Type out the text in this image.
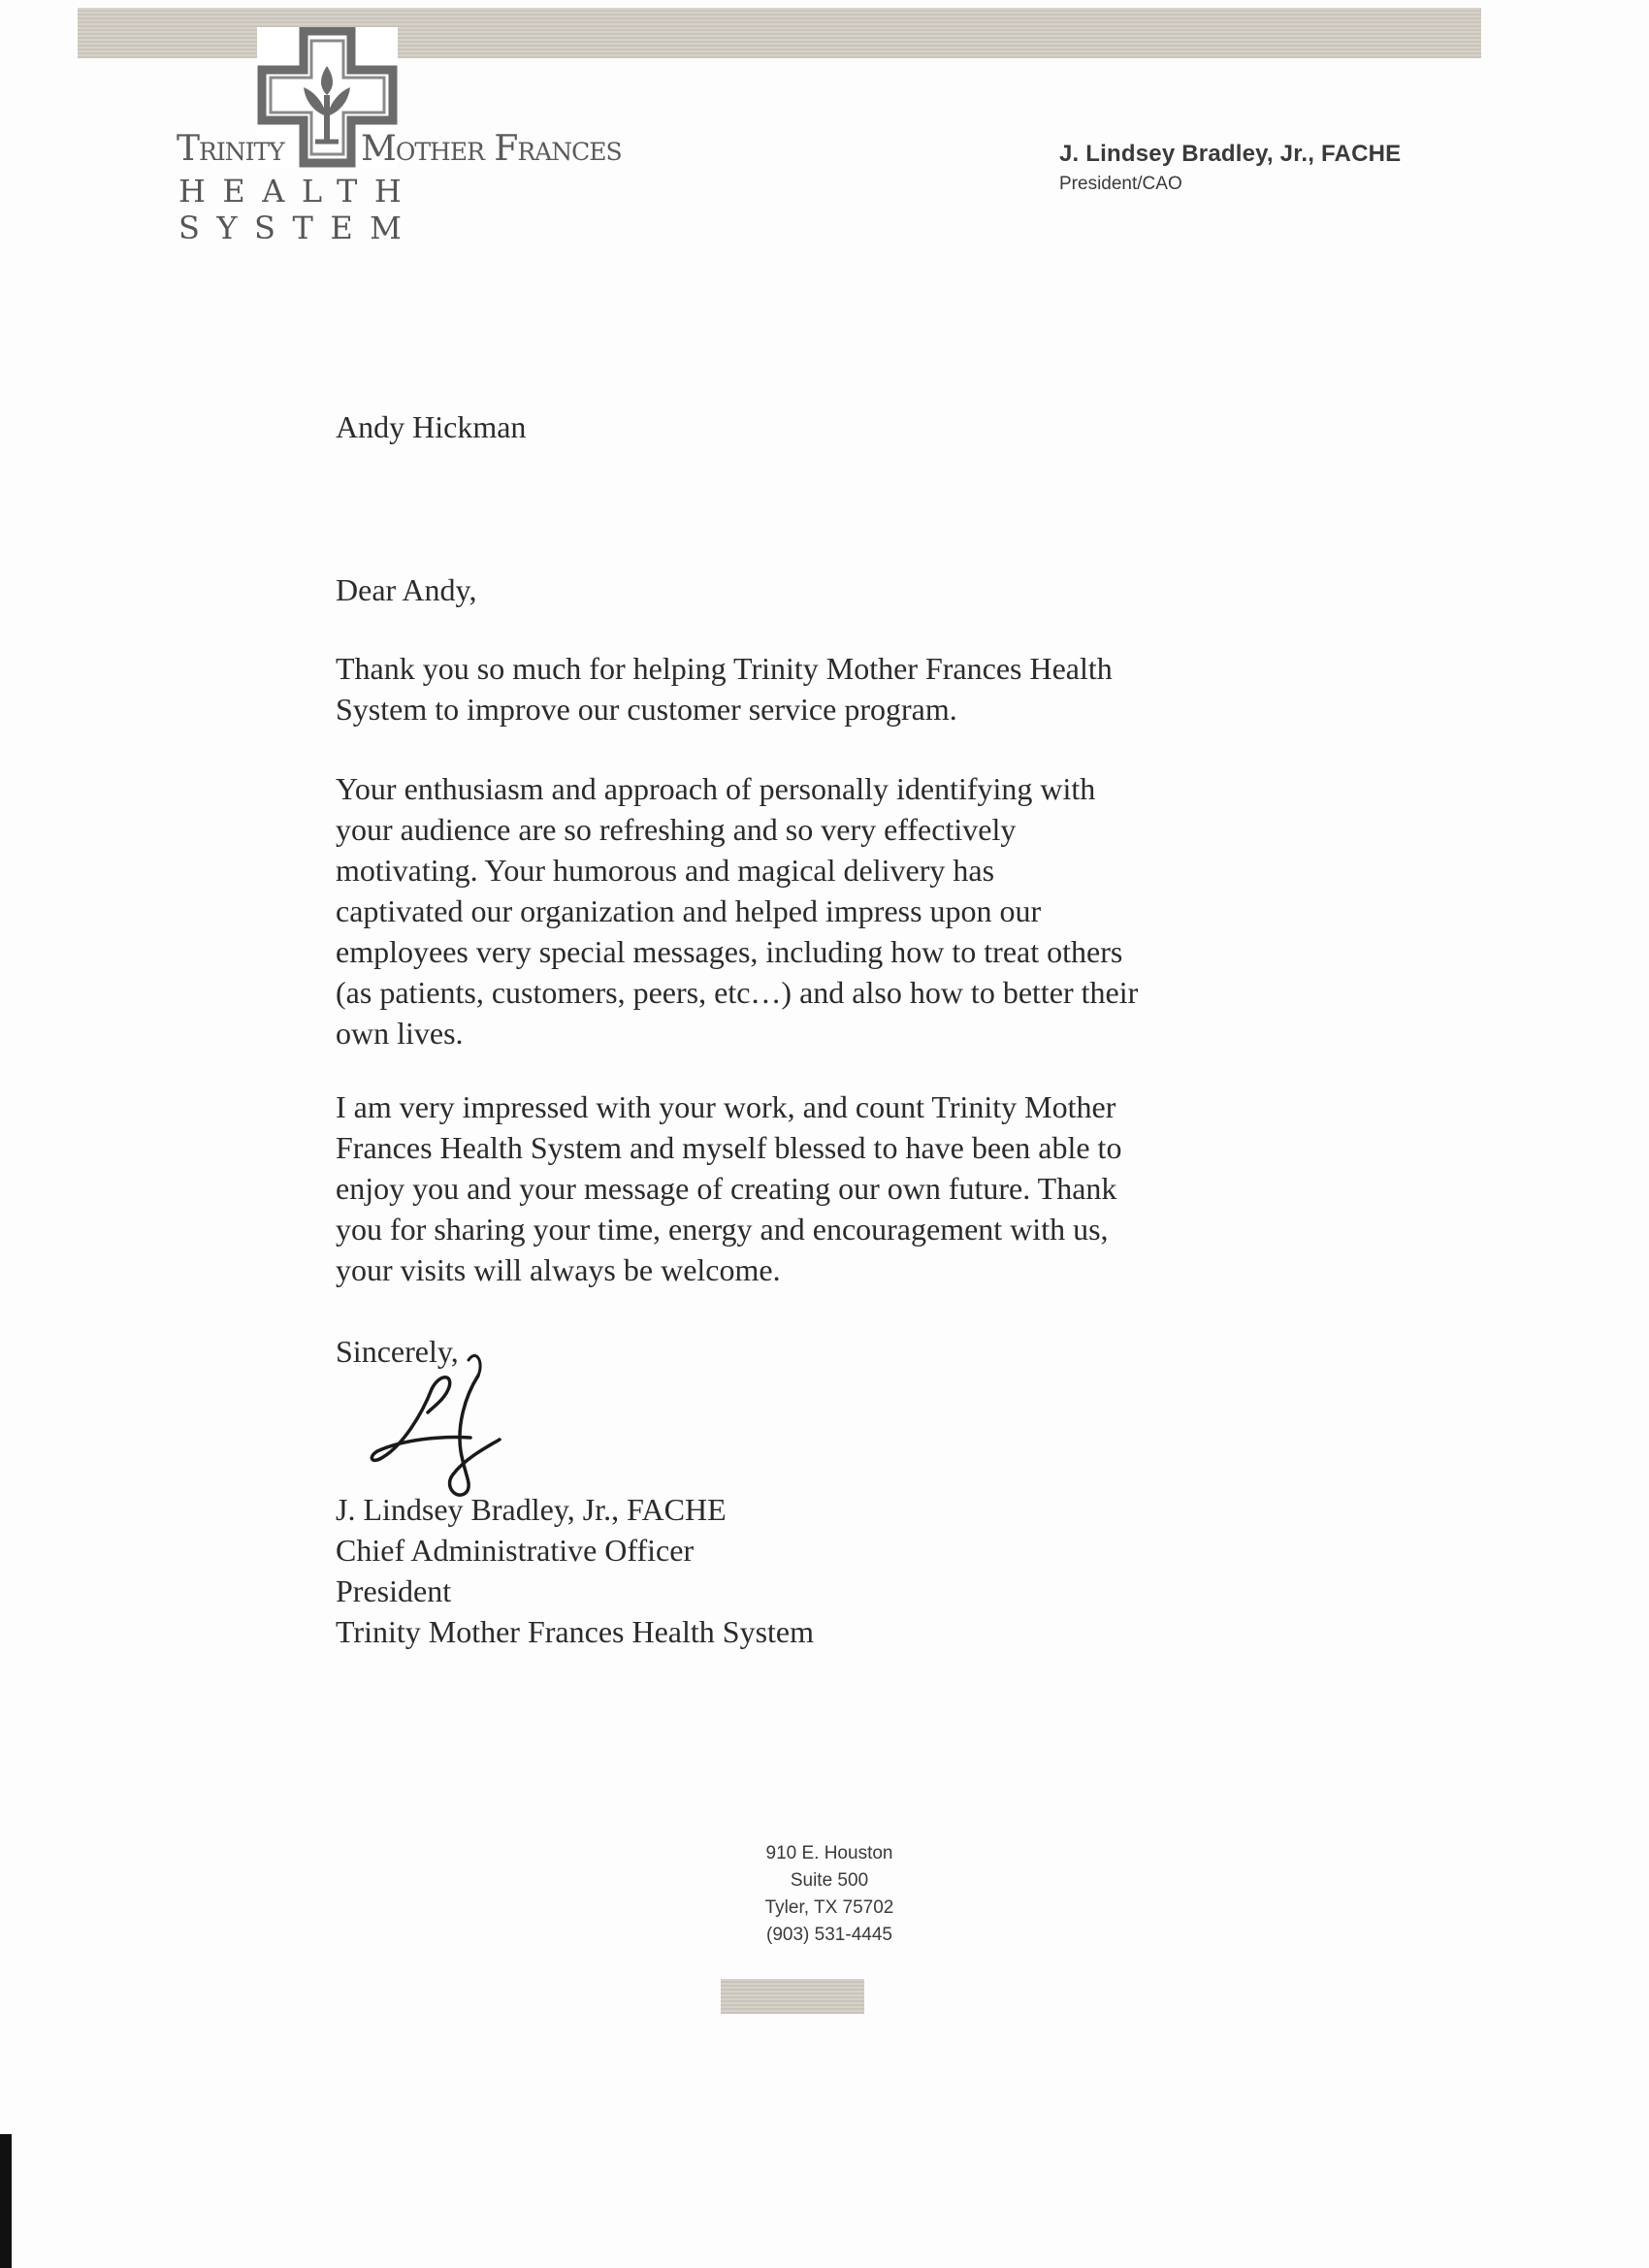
Trinity Mother Frances
HEALTH SYSTEM
J. Lindsey Bradley, Jr., FACHE
President/CAO
Andy Hickman
Dear Andy,
Thank you so much for helping Trinity Mother Frances Health
System to improve our customer service program.
Your enthusiasm and approach of personally identifying with
your audience are so refreshing and so very effectively
motivating. Your humorous and magical delivery has
captivated our organization and helped impress upon our
employees very special messages, including how to treat others
(as patients, customers, peers, etc…) and also how to better their
own lives.
I am very impressed with your work, and count Trinity Mother
Frances Health System and myself blessed to have been able to
enjoy you and your message of creating our own future. Thank
you for sharing your time, energy and encouragement with us,
your visits will always be welcome.
Sincerely,
J. Lindsey Bradley, Jr., FACHE
Chief Administrative Officer
President
Trinity Mother Frances Health System
910 E. Houston
Suite 500
Tyler, TX 75702
(903) 531-4445
